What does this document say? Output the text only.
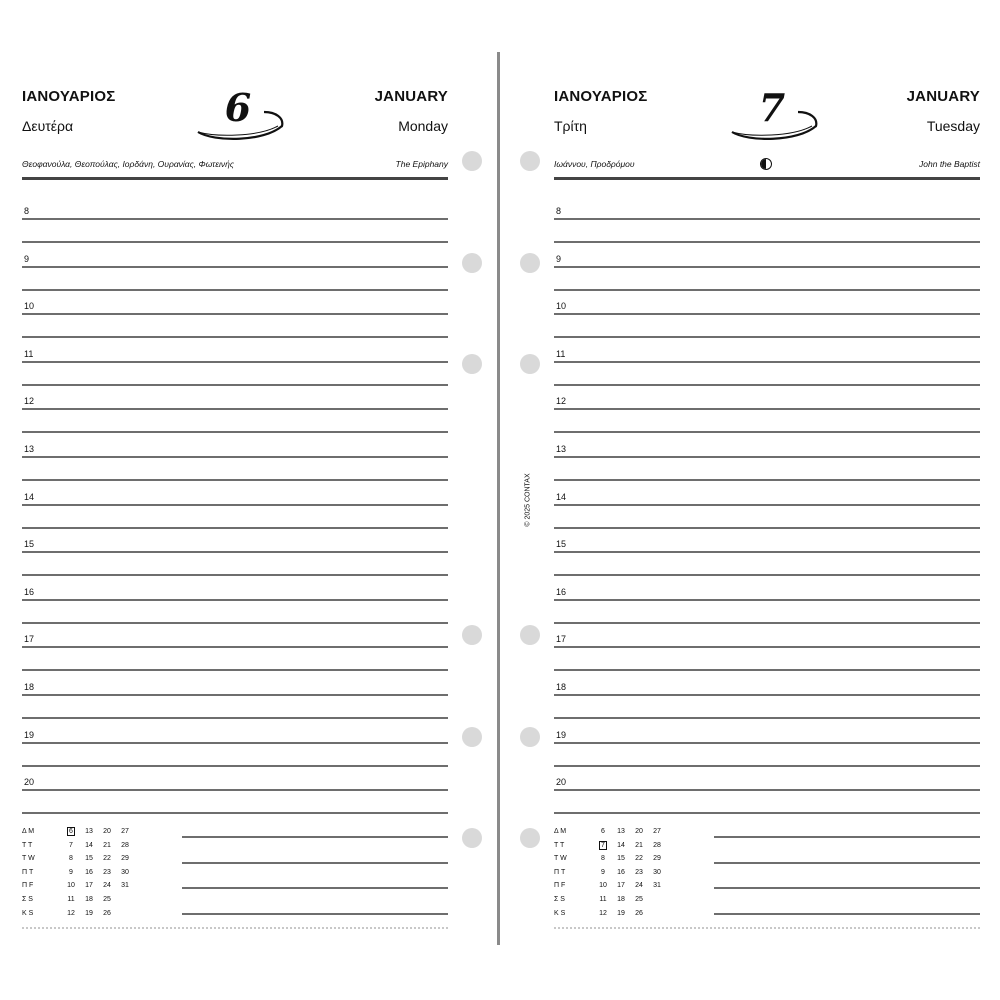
ΙΑΝΟΥΑΡΙΟΣ	JANUARY
Δευτέρα	Monday
6
Θεοφανούλα, Θεοπούλας, Ιορδάνη, Ουρανίας, Φωτεινής	The Epiphany
8
9
10
11
12
13
14
15
16
17
18
19
20
Δ M	6	13	20	27
T T	7	14	21	28
T W	8	15	22	29
Π T	9	16	23	30
Π F	10	17	24	31
Σ S	11	18	25	
K S	12	19	26	
© 2025 CONTAX
ΙΑΝΟΥΑΡΙΟΣ	JANUARY
Τρίτη	Tuesday
7
Ιωάννου, Προδρόμου	John the Baptist
8
9
10
11
12
13
14
15
16
17
18
19
20
Δ M	6	13	20	27
T T	7	14	21	28
T W	8	15	22	29
Π T	9	16	23	30
Π F	10	17	24	31
Σ S	11	18	25	
K S	12	19	26	
